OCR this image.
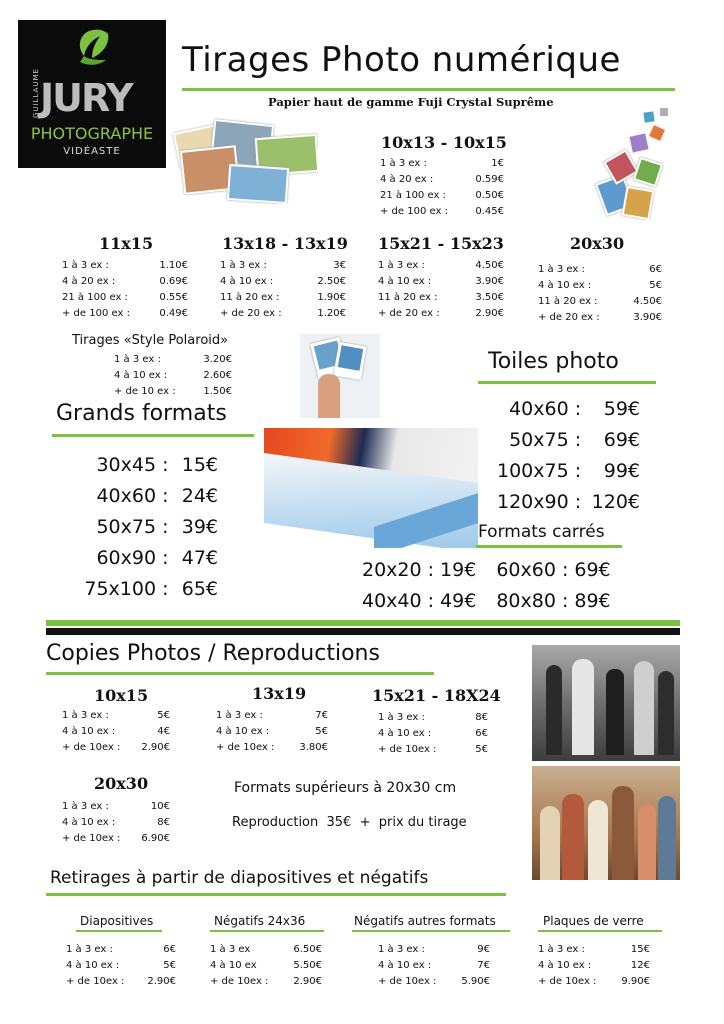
GUILLAUME JURY
PHOTOGRAPHE
VIDÉASTE
Tirages Photo numérique
Papier haut de gamme Fuji Crystal Suprême
10x13 - 10x15
1 à 3 ex :	1€
4 à 20 ex :	0.59€
21 à 100 ex :	0.50€
+ de 100 ex :	0.45€
11x15
1 à 3 ex :	1.10€
4 à 20 ex :	0.69€
21 à 100 ex :	0.55€
+ de 100 ex :	0.49€
13x18 - 13x19
1 à 3 ex :	3€
4 à 10 ex :	2.50€
11 à 20 ex :	1.90€
+ de 20 ex :	1.20€
15x21 - 15x23
1 à 3 ex :	4.50€
4 à 10 ex :	3.90€
11 à 20 ex :	3.50€
+ de 20 ex :	2.90€
20x30
1 à 3 ex :	6€
4 à 10 ex :	5€
11 à 20 ex :	4.50€
+ de 20 ex :	3.90€
Tirages «Style Polaroid»
1 à 3 ex :	3.20€
4 à 10 ex :	2.60€
+ de 10 ex :	1.50€
Grands formats
30x45 :	15€
40x60 :	24€
50x75 :	39€
60x90 :	47€
75x100 :	65€
Toiles photo
40x60 :	59€
50x75 :	69€
100x75 :	99€
120x90 :	120€
Formats carrés
20x20 :	19€	60x60 :	69€
40x40 :	49€	80x80 :	89€
Copies Photos / Reproductions
10x15
1 à 3 ex :	5€
4 à 10 ex :	4€
+ de 10ex :	2.90€
13x19
1 à 3 ex :	7€
4 à 10 ex :	5€
+ de 10ex :	3.80€
15x21 - 18X24
1 à 3 ex :	8€
4 à 10 ex :	6€
+ de 10ex :	5€
20x30
1 à 3 ex :	10€
4 à 10 ex :	8€
+ de 10ex :	6.90€
Formats supérieurs à 20x30 cm
Reproduction  35€  +  prix du tirage
Retirages à partir de diapositives et négatifs
Diapositives
1 à 3 ex :	6€
4 à 10 ex :	5€
+ de 10ex :	2.90€
Négatifs 24x36
1 à 3 ex	6.50€
4 à 10 ex	5.50€
+ de 10ex :	2.90€
Négatifs autres formats
1 à 3 ex :	9€
4 à 10 ex :	7€
+ de 10ex :	5.90€
Plaques de verre
1 à 3 ex :	15€
4 à 10 ex :	12€
+ de 10ex :	9.90€
